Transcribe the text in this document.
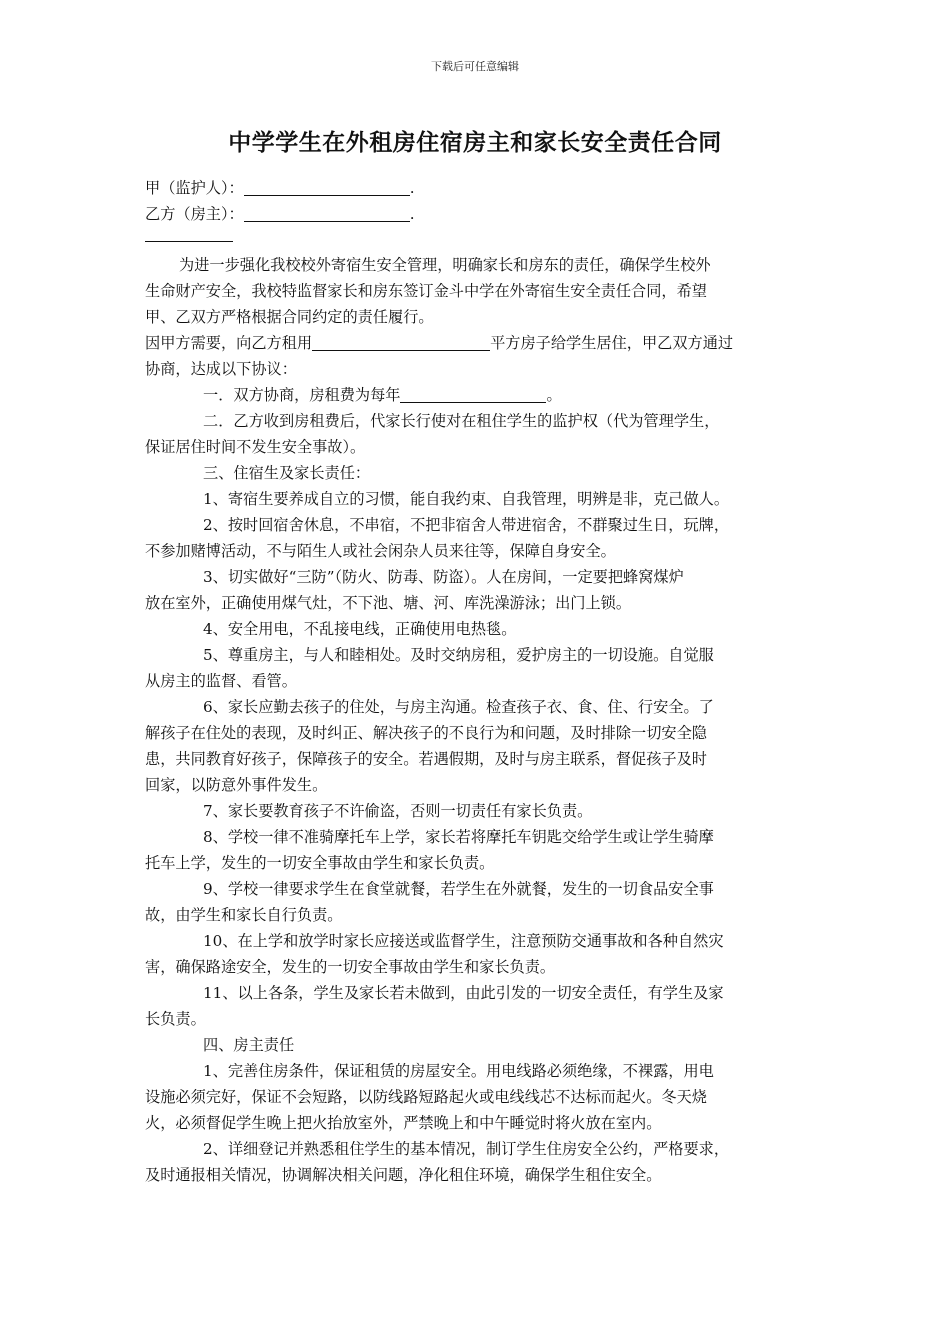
下载后可任意编辑
中学学生在外租房住宿房主和家长安全责任合同
甲（监护人）：	.
乙方（房主）：	.
为进一步强化我校校外寄宿生安全管理，明确家长和房东的责任，确保学生校外
生命财产安全，我校特监督家长和房东签订金斗中学在外寄宿生安全责任合同，希望
甲、乙双方严格根据合同约定的责任履行。
因甲方需要，向乙方租用	平方房子给学生居住，甲乙双方通过
协商，达成以下协议：
一．双方协商，房租费为每年	。
二．乙方收到房租费后，代家长行使对在租住学生的监护权（代为管理学生，
保证居住时间不发生安全事故）。
三、住宿生及家长责任：
1、寄宿生要养成自立的习惯，能自我约束、自我管理，明辨是非，克己做人。
2、按时回宿舍休息，不串宿，不把非宿舍人带进宿舍，不群聚过生日，玩牌，
不参加赌博活动，不与陌生人或社会闲杂人员来往等，保障自身安全。
3、切实做好“三防”（防火、防毒、防盗）。人在房间，一定要把蜂窝煤炉
放在室外，正确使用煤气灶，不下池、塘、河、库洗澡游泳；出门上锁。
4、安全用电，不乱接电线，正确使用电热毯。
5、尊重房主，与人和睦相处。及时交纳房租，爱护房主的一切设施。自觉服
从房主的监督、看管。
6、家长应勤去孩子的住处，与房主沟通。检查孩子衣、食、住、行安全。了
解孩子在住处的表现，及时纠正、解决孩子的不良行为和问题，及时排除一切安全隐
患，共同教育好孩子，保障孩子的安全。若遇假期，及时与房主联系，督促孩子及时
回家，以防意外事件发生。
7、家长要教育孩子不许偷盗，否则一切责任有家长负责。
8、学校一律不准骑摩托车上学，家长若将摩托车钥匙交给学生或让学生骑摩
托车上学，发生的一切安全事故由学生和家长负责。
9、学校一律要求学生在食堂就餐，若学生在外就餐，发生的一切食品安全事
故，由学生和家长自行负责。
10、在上学和放学时家长应接送或监督学生，注意预防交通事故和各种自然灾
害，确保路途安全，发生的一切安全事故由学生和家长负责。
11、以上各条，学生及家长若未做到，由此引发的一切安全责任，有学生及家
长负责。
四、房主责任
1、完善住房条件，保证租赁的房屋安全。用电线路必须绝缘，不裸露，用电
设施必须完好，保证不会短路，以防线路短路起火或电线线芯不达标而起火。冬天烧
火，必须督促学生晚上把火抬放室外，严禁晚上和中午睡觉时将火放在室内。
2、详细登记并熟悉租住学生的基本情况，制订学生住房安全公约，严格要求，
及时通报相关情况，协调解决相关问题，净化租住环境，确保学生租住安全。
